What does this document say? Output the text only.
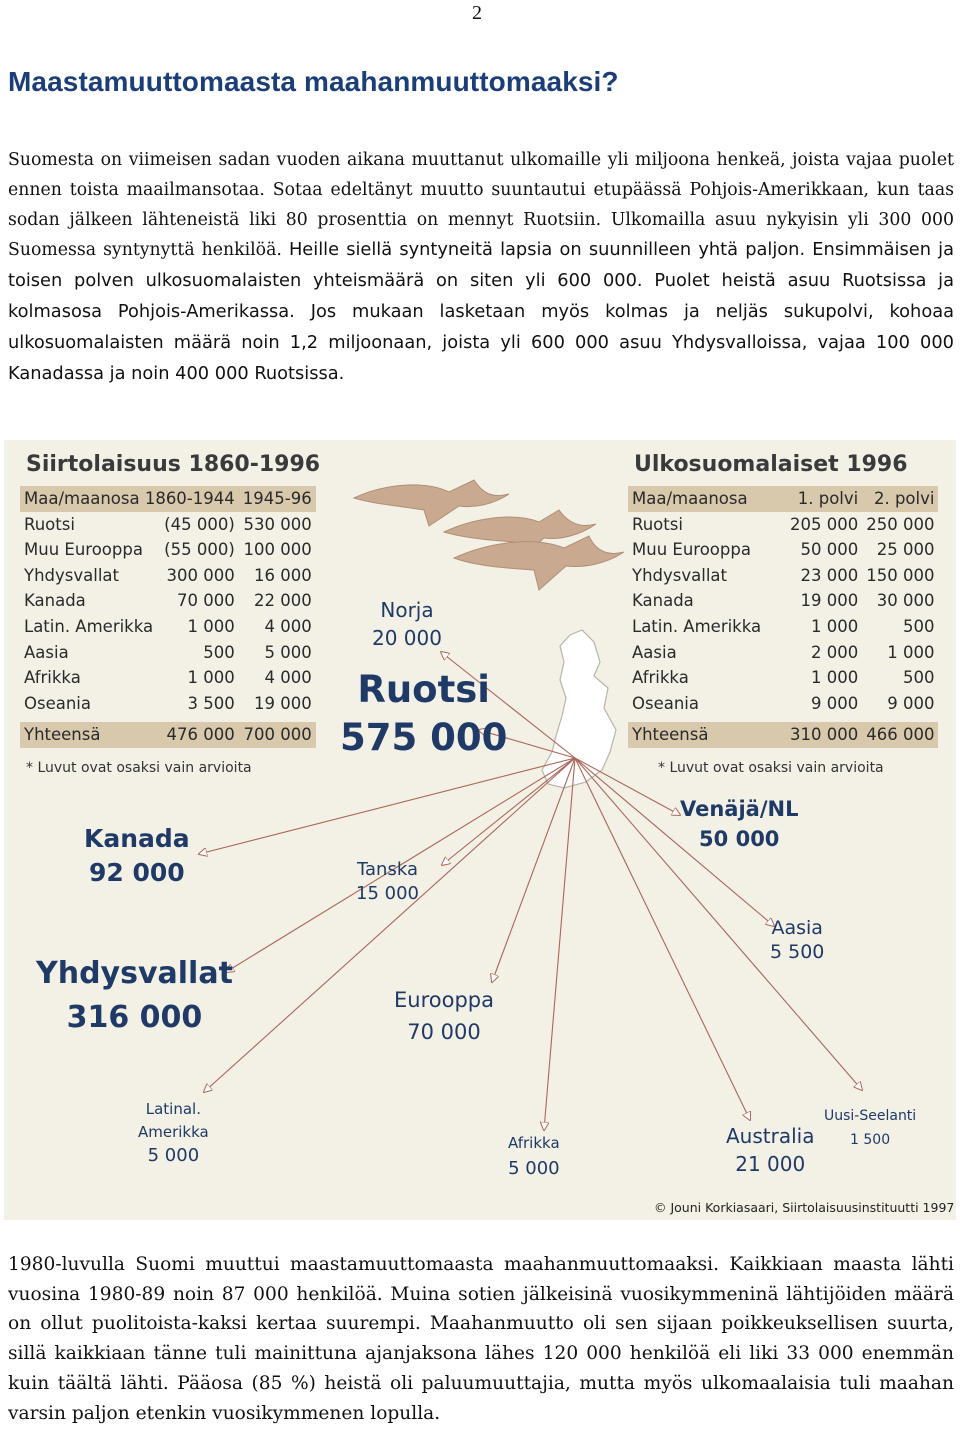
2
Maastamuuttomaasta maahanmuuttomaaksi?

Suomesta on viimeisen sadan vuoden aikana muuttanut ulkomaille yli miljoona henkeä, joista vajaa puolet ennen toista maailmansotaa. Sotaa edeltänyt muutto suuntautui etupäässä Pohjois-Amerikkaan, kun taas sodan jälkeen lähteneistä liki 80 prosenttia on mennyt Ruotsiin. Ulkomailla asuu nykyisin yli 300 000 Suomessa syntynyttä henkilöä. Heille siellä syntyneitä lapsia on suunnilleen yhtä paljon. Ensimmäisen ja toisen polven ulkosuomalaisten yhteismäärä on siten yli 600 000. Puolet heistä asuu Ruotsissa ja kolmasosa Pohjois-Amerikassa. Jos mukaan lasketaan myös kolmas ja neljäs sukupolvi, kohoaa ulkosuomalaisten määrä noin 1,2 miljoonaan, joista yli 600 000 asuu Yhdysvalloissa, vajaa 100 000 Kanadassa ja noin 400 000 Ruotsissa.

Siirtolaisuus 1860-1996
Maa/maanosa 1860-1944		1945-96
Ruotsi	(45 000)	530 000
Muu Eurooppa	(55 000)	100 000
Yhdysvallat	300 000	16 000
Kanada	70 000	22 000
Latin. Amerikka	1 000	4 000
Aasia	500	5 000
Afrikka	1 000	4 000
Oseania	3 500	19 000

Yhteensä	476 000	700 000
* Luvut ovat osaksi vain arvioita
Ulkosuomalaiset 1996
Maa/maanosa	1. polvi	2. polvi
Ruotsi	205 000	250 000
Muu Eurooppa	50 000	25 000
Yhdysvallat	23 000	150 000
Kanada	19 000	30 000
Latin. Amerikka	1 000	500
Aasia	2 000	1 000
Afrikka	1 000	500
Oseania	9 000	9 000

Yhteensä	310 000	466 000
* Luvut ovat osaksi vain arvioita
Norja
20 000
Ruotsi
575 000
Kanada
92 000
Venäjä/NL
50 000
Tanska
15 000
Aasia
5 500
Yhdysvallat
316 000	Eurooppa
70 000
Latinal.
Amerikka
5 000
Afrikka
5 000
Australia
21 000
Uusi-Seelanti
1 500
© Jouni Korkiasaari, Siirtolaisuusinstituutti 1997

1980-luvulla Suomi muuttui maastamuuttomaasta maahanmuuttomaaksi. Kaikkiaan maasta lähti vuosina 1980-89 noin 87 000 henkilöä. Muina sotien jälkeisinä vuosikymmeninä lähtijöiden määrä on ollut puolitoista-kaksi kertaa suurempi. Maahanmuutto oli sen sijaan poikkeuksellisen suurta, sillä kaikkiaan tänne tuli mainittuna ajanjaksona lähes 120 000 henkilöä eli liki 33 000 enemmän kuin täältä lähti. Pääosa (85 %) heistä oli paluumuuttajia, mutta myös ulkomaalaisia tuli maahan varsin paljon etenkin vuosikymmenen lopulla.
